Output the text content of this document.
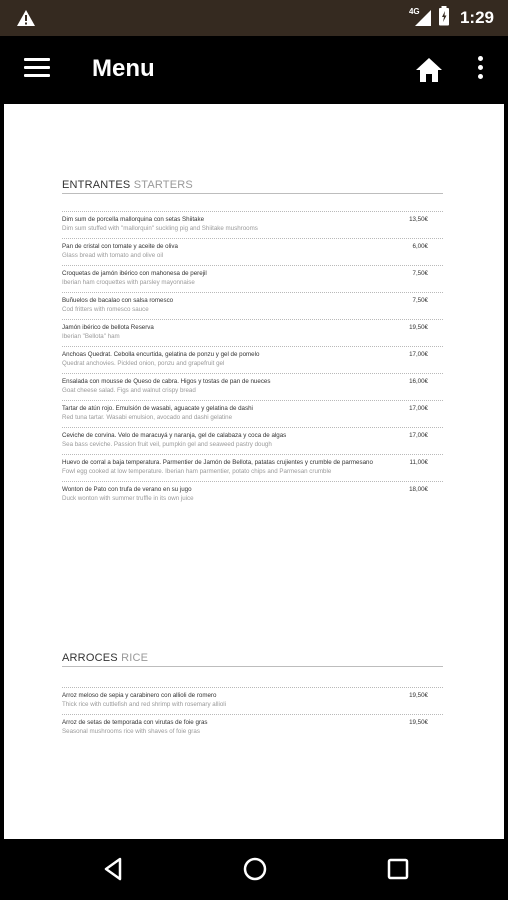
4G 1:29
Menu
ENTRANTES STARTERS
Dim sum de porcella mallorquina con setas Shiitake
Dim sum stuffed with "mallorquin" suckling pig and Shiitake mushrooms
13,50€
Pan de cristal con tomate y aceite de oliva
Glass bread with tomato and olive oil
6,00€
Croquetas de jamón ibérico con mahonesa de perejil
Iberian ham croquettes with parsley mayonnaise
7,50€
Buñuelos de bacalao con salsa romesco
Cod fritters with romesco sauce
7,50€
Jamón ibérico de bellota Reserva
Iberian "Bellota" ham
19,50€
Anchoas Quedrat. Cebolla encurtida, gelatina de ponzu y gel de pomelo
Quedrat anchovies. Pickled onion, ponzu and grapefruit gel
17,00€
Ensalada con mousse de Queso de cabra. Higos y tostas de pan de nueces
Goat cheese salad. Figs and walnut crispy bread
16,00€
Tartar de atún rojo. Emulsión de wasabi, aguacate y gelatina de dashi
Red tuna tartar. Wasabi emulsion, avocado and dashi gelatine
17,00€
Ceviche de corvina. Velo de maracuyá y naranja, gel de calabaza y coca de algas
Sea bass ceviche. Passion fruit veil, pumpkin gel and seaweed pastry dough
17,00€
Huevo de corral a baja temperatura. Parmentier de Jamón de Bellota, patatas crujientes y crumble de parmesano
Fowl egg cooked at low temperature. Iberian ham parmentier, potato chips and Parmesan crumble
11,00€
Wonton de Pato con trufa de verano en su jugo
Duck wonton with summer truffle in its own juice
18,00€
ARROCES RICE
Arroz meloso de sepia y carabinero con allioli de romero
Thick rice with cuttlefish and red shrimp with rosemary allioli
19,50€
Arroz de setas de temporada con virutas de foie gras
Seasonal mushrooms rice with shaves of foie gras
19,50€
